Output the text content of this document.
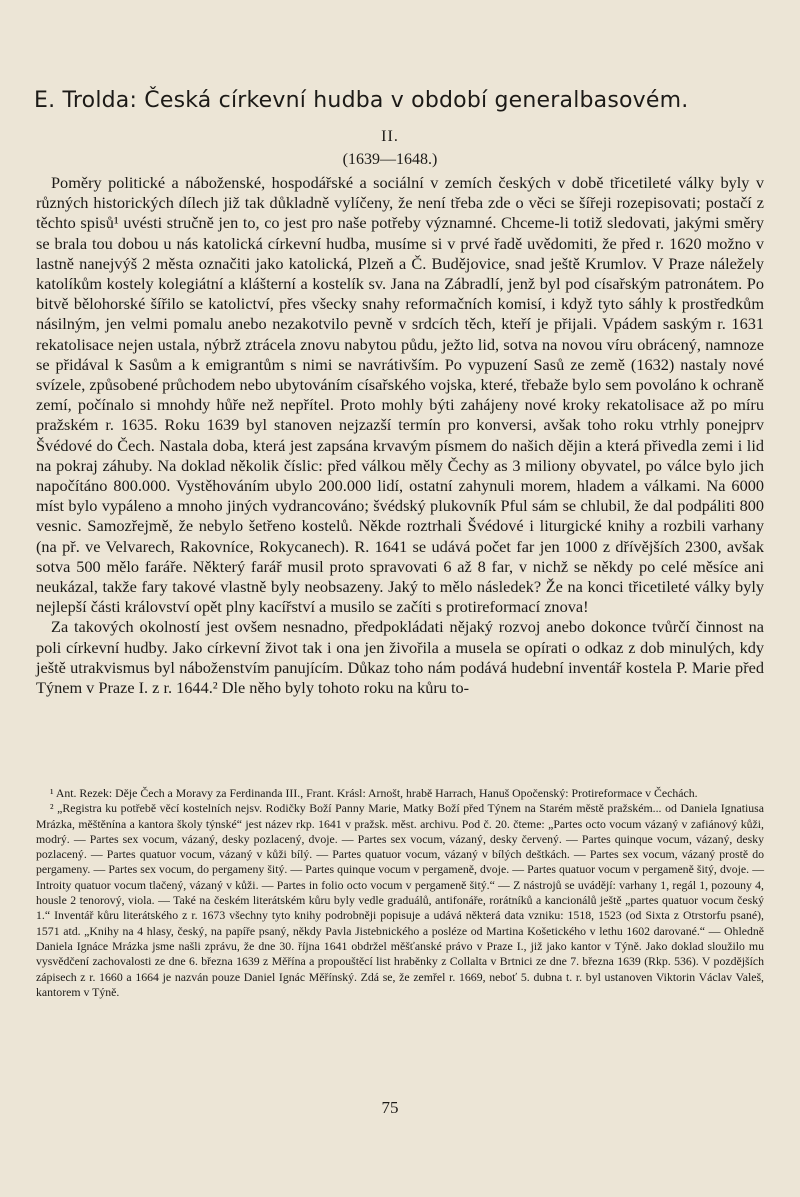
E. Trolda: Česká církevní hudba v období generalbasovém.
II.
(1639—1648.)

Poměry politické a náboženské, hospodářské a sociální v zemích českých v době třicetileté války byly v různých historických dílech již tak důkladně vylíčeny, že není třeba zde o věci se šířeji rozepisovati; postačí z těchto spisů¹ uvésti stručně jen to, co jest pro naše potřeby významné. Chceme-li totiž sledovati, jakými směry se brala tou dobou u nás katolická církevní hudba, musíme si v prvé řadě uvědomiti, že před r. 1620 možno v lastně nanejvýš 2 města označiti jako katolická, Plzeň a Č. Budějovice, snad ještě Krumlov. V Praze náležely katolíkům kostely kolegiátní a klášterní a kostelík sv. Jana na Zábradlí, jenž byl pod císařským patronátem. Po bitvě bělohorské šířilo se katolictví, přes všecky snahy reformačních komisí, i když tyto sáhly k prostředkům násilným, jen velmi pomalu anebo nezakotvilo pevně v srdcích těch, kteří je přijali. Vpádem saským r. 1631 rekatolisace nejen ustala, nýbrž ztrácela znovu nabytou půdu, ježto lid, sotva na novou víru obrácený, namnoze se přidával k Sasům a k emigrantům s nimi se navrátivším. Po vypuzení Sasů ze země (1632) nastaly nové svízele, způsobené průchodem nebo ubytováním císařského vojska, které, třebaže bylo sem povoláno k ochraně zemí, počínalo si mnohdy hůře než nepřítel. Proto mohly býti zahájeny nové kroky rekatolisace až po míru pražském r. 1635. Roku 1639 byl stanoven nejzazší termín pro konversi, avšak toho roku vtrhly ponejprv Švédové do Čech. Nastala doba, která jest zapsána krvavým písmem do našich dějin a která přivedla zemi i lid na pokraj záhuby. Na doklad několik čísliс: před válkou měly Čechy as 3 miliony obyvatel, po válce bylo jich napočítáno 800.000. Vystěhováním ubylo 200.000 lidí, ostatní zahynuli morem, hladem a válkami. Na 6000 míst bylo vypáleno a mnoho jiných vydrancováno; švédský plukovník Pful sám se chlubil, že dal podpáliti 800 vesnic. Samozřejmě, že nebylo šetřeno kostelů. Někde roztrhali Švédové i liturgické knihy a rozbili varhany (na př. ve Velvarech, Rakovníce, Rokycanech). R. 1641 se udává počet far jen 1000 z dřívějších 2300, avšak sotva 500 mělo faráře. Některý farář musil proto spravovati 6 až 8 far, v nichž se někdy po celé měsíce ani neukázal, takže fary takové vlastně byly neobsazeny. Jaký to mělo následek? Že na konci třicetileté války byly nejlepší části království opět plny kacířství a musilo se začíti s protireformací znova!

Za takových okolností jest ovšem nesnadno, předpokládati nějaký rozvoj anebo dokonce tvůrčí činnost na poli církevní hudby. Jako církevní život tak i ona jen živořila a musela se opírati o odkaz z dob minulých, kdy ještě utrakvismus byl náboženstvím panujícím. Důkaz toho nám podává hudební inventář kostela P. Marie před Týnem v Praze I. z r. 1644.² Dle něho byly tohoto roku na kůru to-

¹ Ant. Rezek: Děje Čech a Moravy za Ferdinanda III., Frant. Krásl: Arnošt, hrabě Harrach, Hanuš Opočenský: Protireformace v Čechách.

² „Registra ku potřebě věcí kostelních nejsv. Rodičky Boží Panny Marie, Matky Boží před Týnem na Starém městě pražském... od Daniela Ignatiusa Mrázka, měštěnína a kantora školy týnské“ jest název rkp. 1641 v pražsk. měst. archivu. Pod č. 20. čteme: „Partes octo vocum vázaný v zafiánový kůži, modrý. — Partes sex vocum, vázaný, desky pozlacený, dvoje. — Partes sex vocum, vázaný, desky červený. — Partes quinque vocum, vázaný, desky pozlacený. — Partes quatuor vocum, vázaný v kůži bílý. — Partes quatuor vocum, vázaný v bílých deštkách. — Partes sex vocum, vázaný prostě do pergameny. — Partes sex vocum, do pergameny šitý. — Partes quinque vocum v pergameně, dvoje. — Partes quatuor vocum v pergameně šitý, dvoje. — Introity quatuor vocum tlačený, vázaný v kůži. — Partes in folio octo vocum v pergameně šitý.“ — Z nástrojů se uvádějí: varhany 1, regál 1, pozouny 4, housle 2 tenorový, viola. — Také na českém literátském kůru byly vedle graduálů, antifonáře, rorátníků a kancionálů ještě „partes quatuor vocum český 1.“ Inventář kůru literátského z r. 1673 všechny tyto knihy podrobněji popisuje a udává některá data vzniku: 1518, 1523 (od Sixta z Otrstorfu psané), 1571 atd. „Knihy na 4 hlasy, český, na papíře psaný, někdy Pavla Jistebnického a posléze od Martina Košetického v lethu 1602 darované.“ — Ohledně Daniela Ignáce Mrázka jsme našli zprávu, že dne 30. října 1641 obdržel měšťanské právo v Praze I., již jako kantor v Týně. Jako doklad sloužilo mu vysvědčení zachovalosti ze dne 6. března 1639 z Měřína a propouštěcí list hraběnky z Collalta v Brtnici ze dne 7. března 1639 (Rkp. 536). V pozdějších zápisech z r. 1660 a 1664 je nazván pouze Daniel Ignác Měřínský. Zdá se, že zemřel r. 1669, neboť 5. dubna t. r. byl ustanoven Viktorin Václav Valeš, kantorem v Týně.

75
